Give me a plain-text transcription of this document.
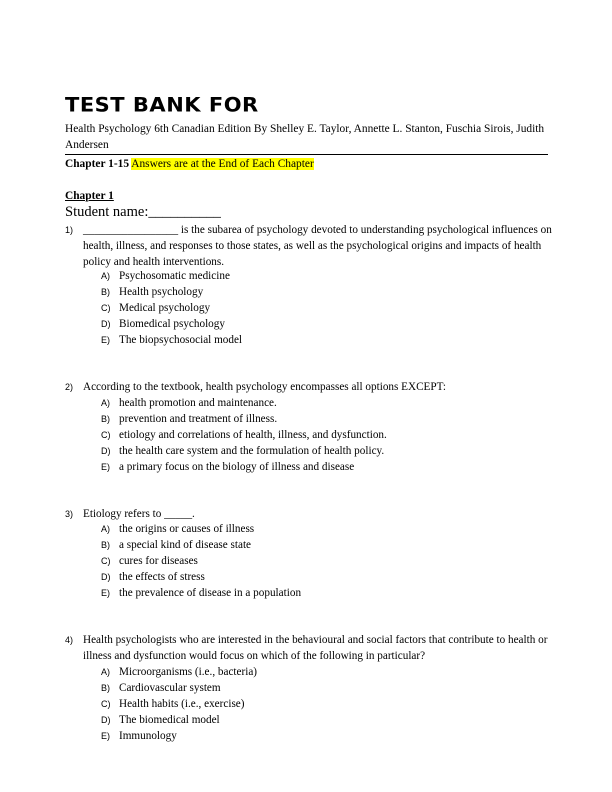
TEST BANK FOR
Health Psychology 6th Canadian Edition By Shelley E. Taylor, Annette L. Stanton, Fuschia Sirois, Judith Andersen
Chapter 1-15 Answers are at the End of Each Chapter
Chapter 1
Student name:__________
1) _________________ is the subarea of psychology devoted to understanding psychological influences on health, illness, and responses to those states, as well as the psychological origins and impacts of health policy and health interventions.
A) Psychosomatic medicine
B) Health psychology
C) Medical psychology
D) Biomedical psychology
E) The biopsychosocial model
2) According to the textbook, health psychology encompasses all options EXCEPT:
A) health promotion and maintenance.
B) prevention and treatment of illness.
C) etiology and correlations of health, illness, and dysfunction.
D) the health care system and the formulation of health policy.
E) a primary focus on the biology of illness and disease
3) Etiology refers to _____.
A) the origins or causes of illness
B) a special kind of disease state
C) cures for diseases
D) the effects of stress
E) the prevalence of disease in a population
4) Health psychologists who are interested in the behavioural and social factors that contribute to health or illness and dysfunction would focus on which of the following in particular?
A) Microorganisms (i.e., bacteria)
B) Cardiovascular system
C) Health habits (i.e., exercise)
D) The biomedical model
E) Immunology
